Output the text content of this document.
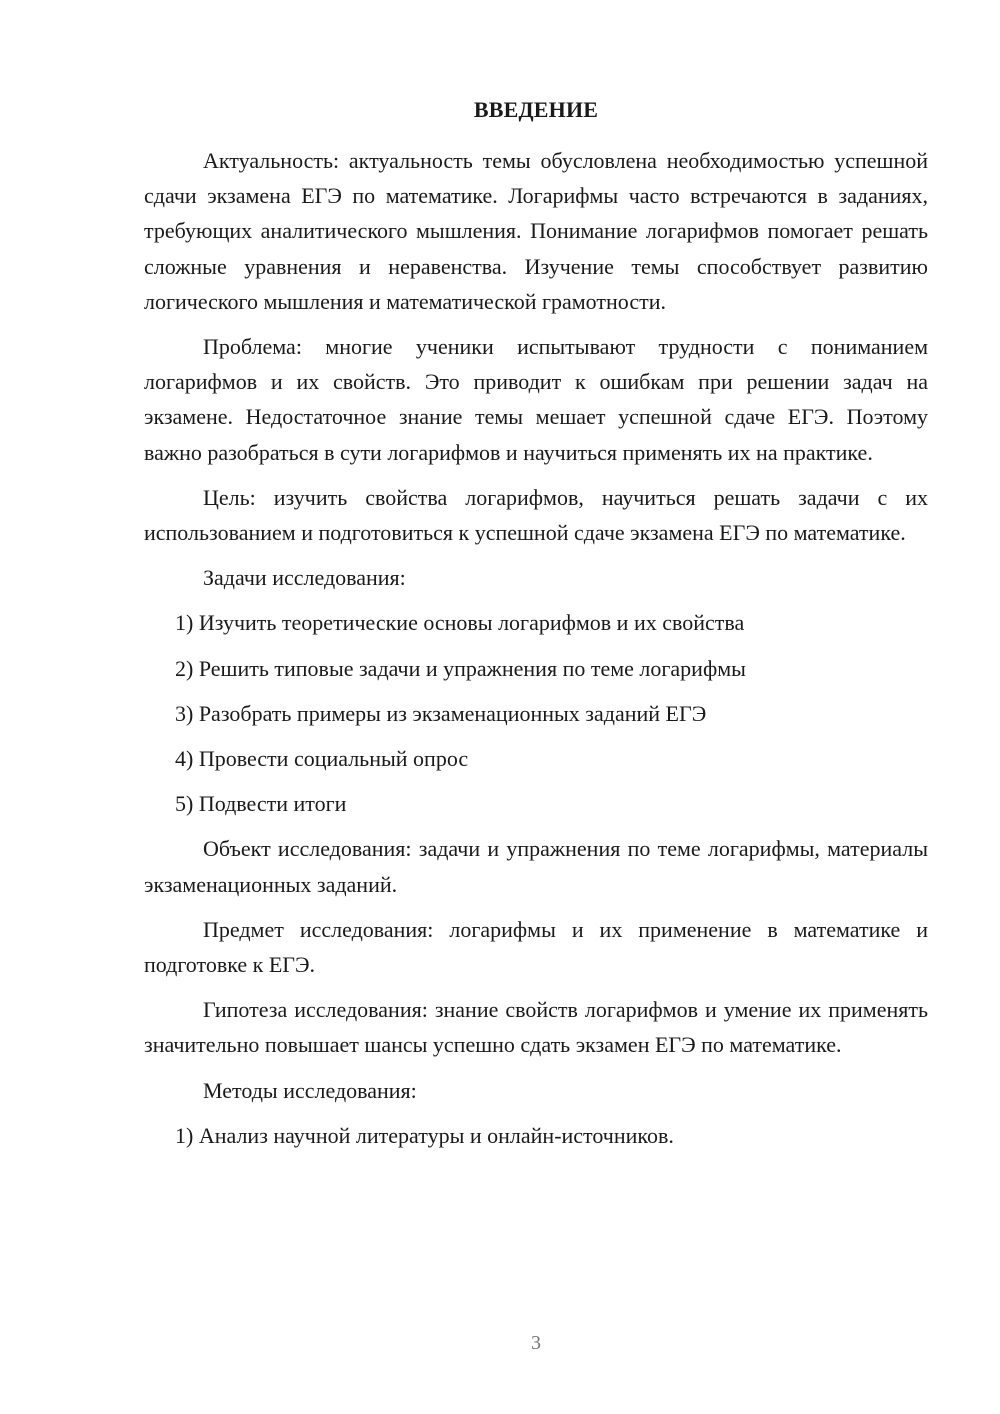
ВВЕДЕНИЕ

Актуальность: актуальность темы обусловлена необходимостью успешной сдачи экзамена ЕГЭ по математике. Логарифмы часто встречаются в заданиях, требующих аналитического мышления. Понимание логарифмов помогает решать сложные уравнения и неравенства. Изучение темы способствует развитию логического мышления и математической грамотности.

Проблема: многие ученики испытывают трудности с пониманием логарифмов и их свойств. Это приводит к ошибкам при решении задач на экзамене. Недостаточное знание темы мешает успешной сдаче ЕГЭ. Поэтому важно разобраться в сути логарифмов и научиться применять их на практике.

Цель: изучить свойства логарифмов, научиться решать задачи с их использованием и подготовиться к успешной сдаче экзамена ЕГЭ по математике.

Задачи исследования:

1) Изучить теоретические основы логарифмов и их свойства
2) Решить типовые задачи и упражнения по теме логарифмы
3) Разобрать примеры из экзаменационных заданий ЕГЭ
4) Провести социальный опрос
5) Подвести итоги

Объект исследования: задачи и упражнения по теме логарифмы, материалы экзаменационных заданий.

Предмет исследования: логарифмы и их применение в математике и подготовке к ЕГЭ.

Гипотеза исследования: знание свойств логарифмов и умение их применять значительно повышает шансы успешно сдать экзамен ЕГЭ по математике.

Методы исследования:

1) Анализ научной литературы и онлайн-источников.
3
